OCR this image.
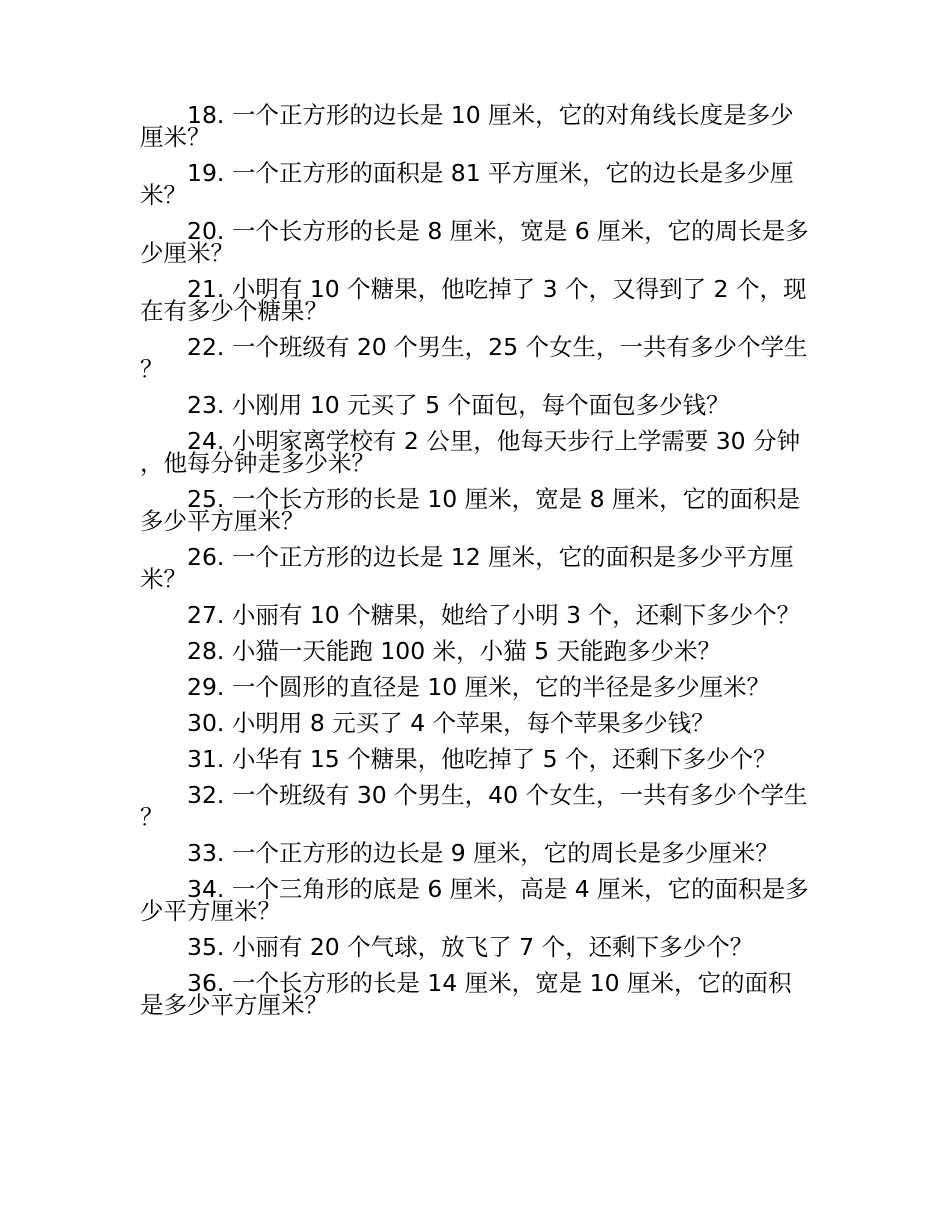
18. 一个正方形的边长是 10 厘米，它的对角线长度是多少厘米？
19. 一个正方形的面积是 81 平方厘米，它的边长是多少厘米？
20. 一个长方形的长是 8 厘米，宽是 6 厘米，它的周长是多少厘米？
21. 小明有 10 个糖果，他吃掉了 3 个，又得到了 2 个，现在有多少个糖果？
22. 一个班级有 20 个男生，25 个女生，一共有多少个学生？
23. 小刚用 10 元买了 5 个面包，每个面包多少钱？
24. 小明家离学校有 2 公里，他每天步行上学需要 30 分钟，他每分钟走多少米？
25. 一个长方形的长是 10 厘米，宽是 8 厘米，它的面积是多少平方厘米？
26. 一个正方形的边长是 12 厘米，它的面积是多少平方厘米？
27. 小丽有 10 个糖果，她给了小明 3 个，还剩下多少个？
28. 小猫一天能跑 100 米，小猫 5 天能跑多少米？
29. 一个圆形的直径是 10 厘米，它的半径是多少厘米？
30. 小明用 8 元买了 4 个苹果，每个苹果多少钱？
31. 小华有 15 个糖果，他吃掉了 5 个，还剩下多少个？
32. 一个班级有 30 个男生，40 个女生，一共有多少个学生？
33. 一个正方形的边长是 9 厘米，它的周长是多少厘米？
34. 一个三角形的底是 6 厘米，高是 4 厘米，它的面积是多少平方厘米？
35. 小丽有 20 个气球，放飞了 7 个，还剩下多少个？
36. 一个长方形的长是 14 厘米，宽是 10 厘米，它的面积是多少平方厘米？
